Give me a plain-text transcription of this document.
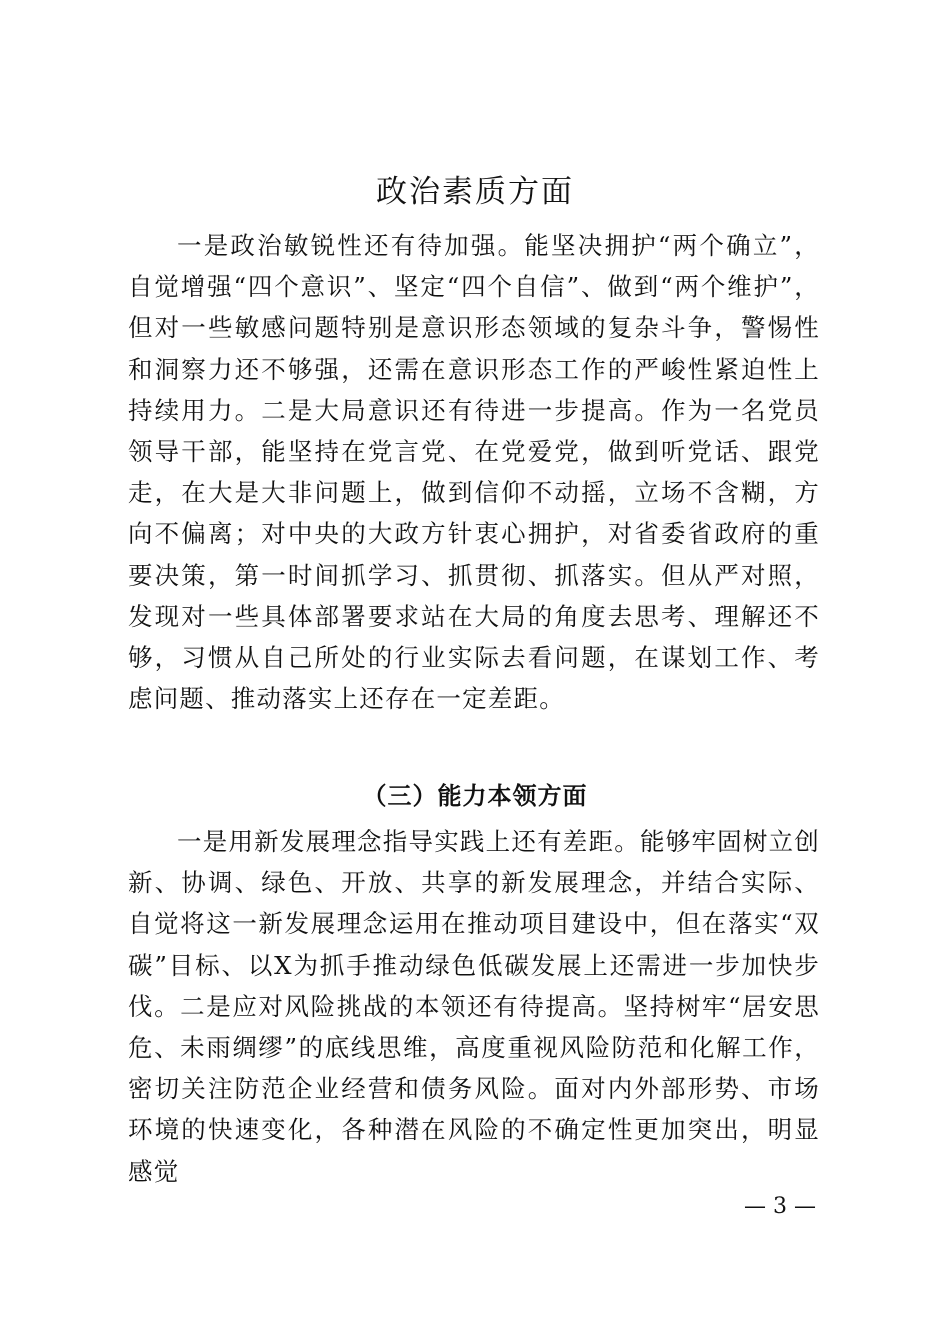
政治素质方面

一是政治敏锐性还有待加强。能坚决拥护“两个确立”，自觉增强“四个意识”、坚定“四个自信”、做到“两个维护”，但对一些敏感问题特别是意识形态领域的复杂斗争，警惕性和洞察力还不够强，还需在意识形态工作的严峻性紧迫性上持续用力。二是大局意识还有待进一步提高。作为一名党员领导干部，能坚持在党言党、在党爱党，做到听党话、跟党走，在大是大非问题上，做到信仰不动摇，立场不含糊，方向不偏离；对中央的大政方针衷心拥护，对省委省政府的重要决策，第一时间抓学习、抓贯彻、抓落实。但从严对照，发现对一些具体部署要求站在大局的角度去思考、理解还不够，习惯从自己所处的行业实际去看问题，在谋划工作、考虑问题、推动落实上还存在一定差距。

（三）能力本领方面

一是用新发展理念指导实践上还有差距。能够牢固树立创新、协调、绿色、开放、共享的新发展理念，并结合实际、自觉将这一新发展理念运用在推动项目建设中，但在落实“双碳”目标、以X为抓手推动绿色低碳发展上还需进一步加快步伐。二是应对风险挑战的本领还有待提高。坚持树牢“居安思危、未雨绸缪”的底线思维，高度重视风险防范和化解工作，密切关注防范企业经营和债务风险。面对内外部形势、市场环境的快速变化，各种潜在风险的不确定性更加突出，明显感觉

— 3 —
